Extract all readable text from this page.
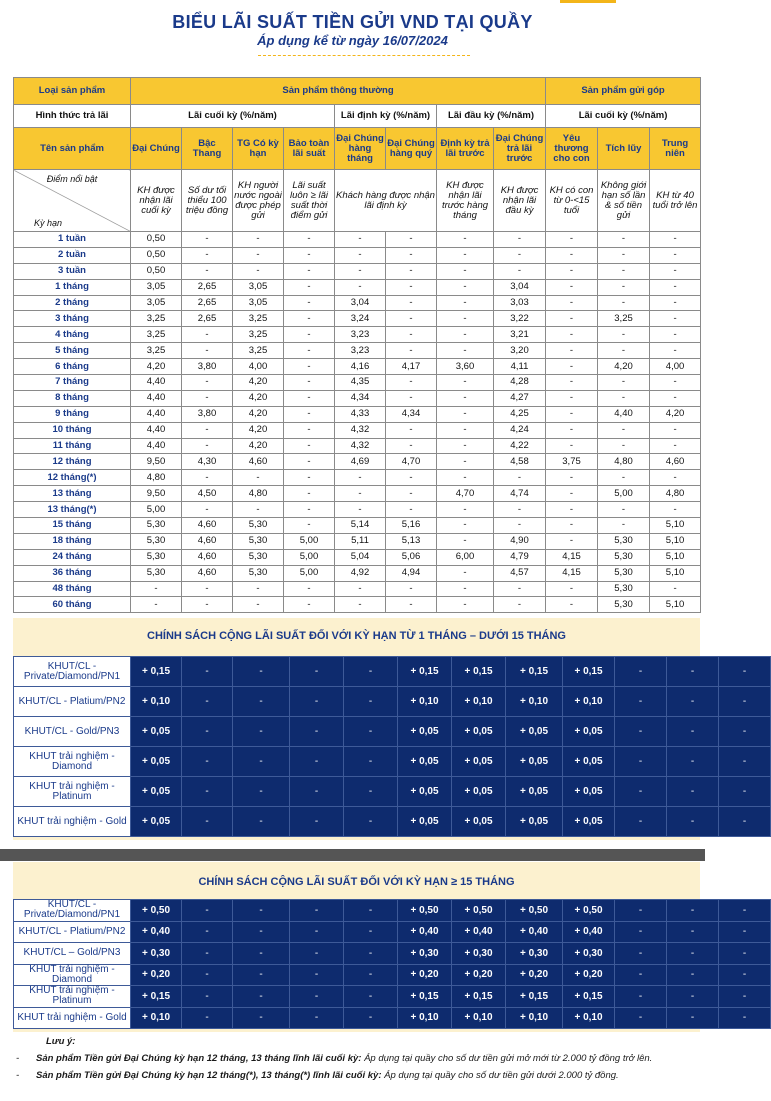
BIỂU LÃI SUẤT TIỀN GỬI VND TẠI QUẦY
Áp dụng kể từ ngày 16/07/2024
Loại sản phẩm	Sản phẩm thông thường								Sản phẩm gửi góp		
Hình thức trả lãi	Lãi cuối kỳ (%/năm)				Lãi định kỳ (%/năm)		Lãi đầu kỳ (%/năm)		Lãi cuối kỳ (%/năm)		
Tên sản phẩm	Đại Chúng	Bậc Thang	TG Có kỳ hạn	Bảo toàn lãi suất	Đại Chúng hàng tháng	Đại Chúng hàng quý	Định kỳ trả lãi trước	Đại Chúng trả lãi trước	Yêu thương cho con	Tích lũy	Trung niên

Điểm nổi bật
Kỳ hạn	KH được nhận lãi cuối kỳ	Số dư tối thiểu 100 triệu đồng	KH người nước ngoài được phép gửi	Lãi suất luôn ≥ lãi suất thời điểm gửi	Khách hàng được nhận lãi định kỳ		KH được nhận lãi trước hàng tháng	KH được nhận lãi đầu kỳ	KH có con từ 0-<15 tuổi	Không giới hạn số lần & số tiền gửi	KH từ 40 tuổi trở lên
1 tuần	0,50	-	-	-	-	-	-	-	-	-	-
2 tuần	0,50	-	-	-	-	-	-	-	-	-	-
3 tuần	0,50	-	-	-	-	-	-	-	-	-	-
1 tháng	3,05	2,65	3,05	-	-	-	-	3,04	-	-	-
2 tháng	3,05	2,65	3,05	-	3,04	-	-	3,03	-	-	-
3 tháng	3,25	2,65	3,25	-	3,24	-	-	3,22	-	3,25	-
4 tháng	3,25	-	3,25	-	3,23	-	-	3,21	-	-	-
5 tháng	3,25	-	3,25	-	3,23	-	-	3,20	-	-	-
6 tháng	4,20	3,80	4,00	-	4,16	4,17	3,60	4,11	-	4,20	4,00
7 tháng	4,40	-	4,20	-	4,35	-	-	4,28	-	-	-
8 tháng	4,40	-	4,20	-	4,34	-	-	4,27	-	-	-
9 tháng	4,40	3,80	4,20	-	4,33	4,34	-	4,25	-	4,40	4,20
10 tháng	4,40	-	4,20	-	4,32	-	-	4,24	-	-	-
11 tháng	4,40	-	4,20	-	4,32	-	-	4,22	-	-	-
12 tháng	9,50	4,30	4,60	-	4,69	4,70	-	4,58	3,75	4,80	4,60
12 tháng(*)	4,80	-	-	-	-	-	-	-	-	-	-
13 tháng	9,50	4,50	4,80	-	-	-	4,70	4,74	-	5,00	4,80
13 tháng(*)	5,00	-	-	-	-	-	-	-	-	-	-
15 tháng	5,30	4,60	5,30	-	5,14	5,16	-	-	-	-	5,10
18 tháng	5,30	4,60	5,30	5,00	5,11	5,13	-	4,90	-	5,30	5,10
24 tháng	5,30	4,60	5,30	5,00	5,04	5,06	6,00	4,79	4,15	5,30	5,10
36 tháng	5,30	4,60	5,30	5,00	4,92	4,94	-	4,57	4,15	5,30	5,10
48 tháng	-	-	-	-	-	-	-	-	-	5,30	-
60 tháng	-	-	-	-	-	-	-	-	-	5,30	5,10
CHÍNH SÁCH CỘNG LÃI SUẤT ĐỐI VỚI KỲ HẠN TỪ 1 THÁNG – DƯỚI 15 THÁNG
KHUT/CL - Private/Diamond/PN1	+ 0,15	-	-	-	-	+ 0,15	+ 0,15	+ 0,15	+ 0,15	-	-	-
KHUT/CL - Platium/PN2	+ 0,10	-	-	-	-	+ 0,10	+ 0,10	+ 0,10	+ 0,10	-	-	-
KHUT/CL - Gold/PN3	+ 0,05	-	-	-	-	+ 0,05	+ 0,05	+ 0,05	+ 0,05	-	-	-
KHUT trải nghiệm - Diamond	+ 0,05	-	-	-	-	+ 0,05	+ 0,05	+ 0,05	+ 0,05	-	-	-
KHUT trải nghiệm - Platinum	+ 0,05	-	-	-	-	+ 0,05	+ 0,05	+ 0,05	+ 0,05	-	-	-
KHUT trải nghiệm - Gold	+ 0,05	-	-	-	-	+ 0,05	+ 0,05	+ 0,05	+ 0,05	-	-	-
CHÍNH SÁCH CỘNG LÃI SUẤT ĐỐI VỚI KỲ HẠN ≥ 15 THÁNG
KHUT/CL - Private/Diamond/PN1	+ 0,50	-	-	-	-	+ 0,50	+ 0,50	+ 0,50	+ 0,50	-	-	-
KHUT/CL - Platium/PN2	+ 0,40	-	-	-	-	+ 0,40	+ 0,40	+ 0,40	+ 0,40	-	-	-
KHUT/CL – Gold/PN3	+ 0,30	-	-	-	-	+ 0,30	+ 0,30	+ 0,30	+ 0,30	-	-	-
KHUT trải nghiệm - Diamond	+ 0,20	-	-	-	-	+ 0,20	+ 0,20	+ 0,20	+ 0,20	-	-	-
KHUT trải nghiệm - Platinum	+ 0,15	-	-	-	-	+ 0,15	+ 0,15	+ 0,15	+ 0,15	-	-	-
KHUT trải nghiệm - Gold	+ 0,10	-	-	-	-	+ 0,10	+ 0,10	+ 0,10	+ 0,10	-	-	-
Lưu ý:
- Sản phẩm Tiền gửi Đại Chúng kỳ hạn 12 tháng, 13 tháng lĩnh lãi cuối kỳ: Áp dụng tại quầy cho số dư tiền gửi mở mới từ 2.000 tỷ đồng trở lên.
- Sản phẩm Tiền gửi Đại Chúng kỳ hạn 12 tháng(*), 13 tháng(*) lĩnh lãi cuối kỳ: Áp dụng tại quầy cho số dư tiền gửi dưới 2.000 tỷ đồng.
